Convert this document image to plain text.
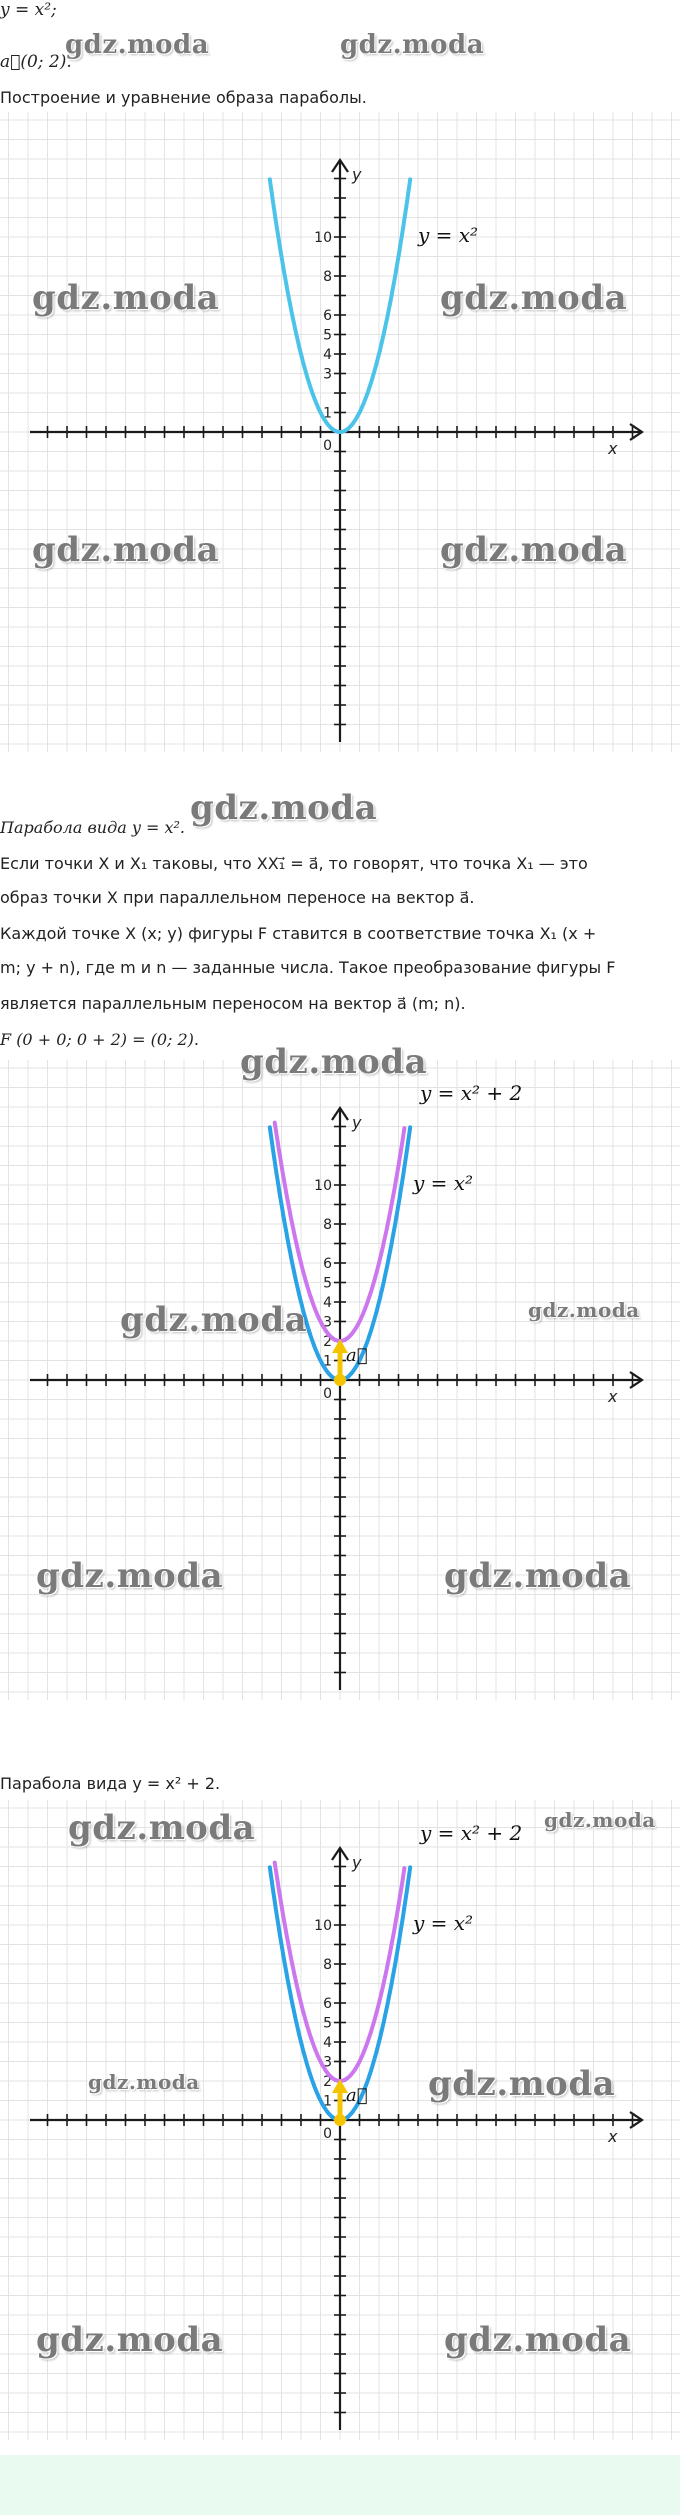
y = x²;
a⃗(0; 2).
Построение и уравнение образа параболы.
1
3
4
5
6
8
10
0	x
y
y = x²
Парабола вида y = x².
Если точки X и X₁ таковы, что XX₁⃗ = a⃗, то говорят, что точка X₁ — это
образ точки X при параллельном переносе на вектор a⃗.
Каждой точке X (x; y) фигуры F ставится в соответствие точка X₁ (x +
m; y + n), где m и n — заданные числа. Такое преобразование фигуры F
является параллельным переносом на вектор a⃗ (m; n).
F (0 + 0; 0 + 2) = (0; 2).
1
2
3
4
5
6
8
10
0	x
y
y = x² + 2
y = x²
a⃗
Парабола вида y = x² + 2.
1
2
3
4
5
6
8
10
0	x
y
y = x² + 2
y = x²
a⃗
gdz.moda	gdz.moda
gdz.moda	gdz.moda
gdz.moda	gdz.moda
gdz.moda
gdz.moda
gdz.moda	gdz.moda
gdz.moda	gdz.moda
gdz.moda	gdz.moda
gdz.moda	gdz.moda
gdz.moda	gdz.moda
